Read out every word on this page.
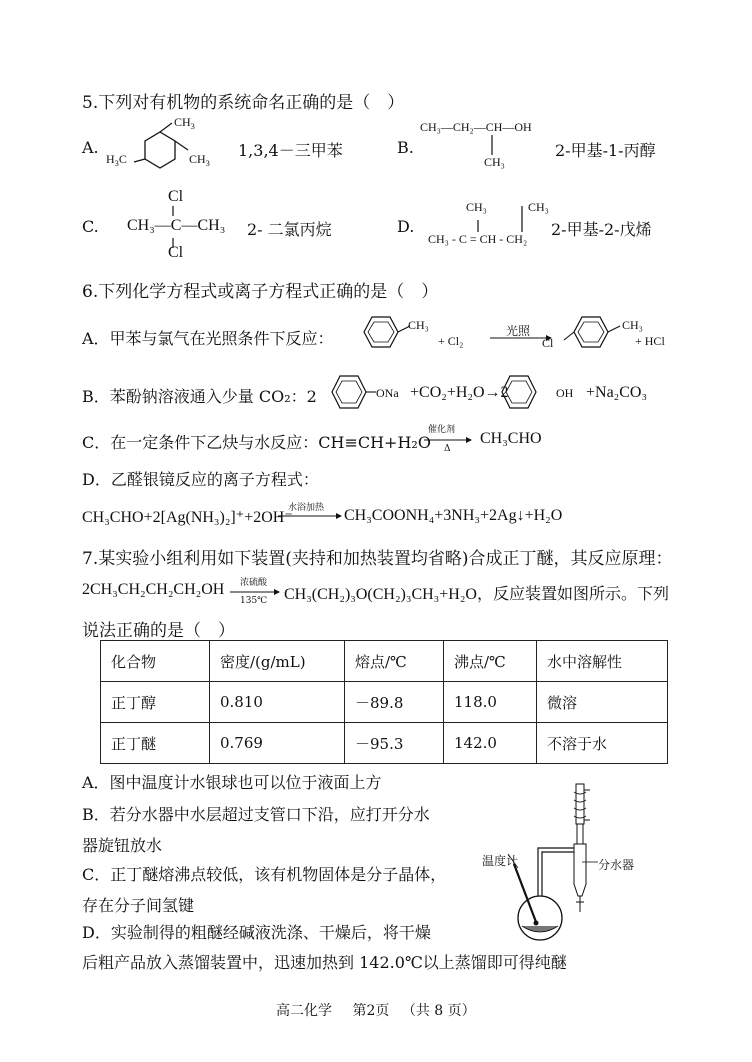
5.下列对有机物的系统命名正确的是（　）
A.
$CH_3$
$H_3C$	$CH_3$
1,3,4－三甲苯	B.
CH₃—CH₂—CH—OH
CH₃
2-甲基-1-丙醇
C.
Cl
CH₃—C—CH₃
Cl
2- 二氯丙烷	D.
CH₃	CH₃
CH₃ - C = CH - CH₂ 2-甲基-2-戊烯
6.下列化学方程式或离子方程式正确的是（　）
A．甲苯与氯气在光照条件下反应：
CH₃
+ Cl₂
光照
Cl
CH₃
+ HCl
B．苯酚钠溶液通入少量 CO₂：2	ONa +CO₂+H₂O→2	OH +Na₂CO₃
C．在一定条件下乙炔与水反应：CH≡CH+H₂O
催化剂
Δ
CH₃CHO
D．乙醛银镜反应的离子方程式：
CH₃CHO+2[Ag(NH₃)₂]⁺+2OH⁻
水浴加热 CH₃COONH₄+3NH₃+2Ag↓+H₂O
7.某实验小组利用如下装置(夹持和加热装置均省略)合成正丁醚，其反应原理：
2CH₃CH₂CH₂CH₂OH 浓硫酸
135℃ CH₃(CH₂)₃O(CH₂)₃CH₃+H₂O，反应装置如图所示。下列
说法正确的是（　）
化合物	密度/(g/mL)	熔点/℃	沸点/℃	水中溶解性
正丁醇	0.810	－89.8	118.0	微溶
正丁醚	0.769	－95.3	142.0	不溶于水
A．图中温度计水银球也可以位于液面上方
B．若分水器中水层超过支管口下沿，应打开分水
器旋钮放水
C．正丁醚熔沸点较低，该有机物固体是分子晶体，
存在分子间氢键
D．实验制得的粗醚经碱液洗涤、干燥后，将干燥
后粗产品放入蒸馏装置中，迅速加热到 142.0℃以上蒸馏即可得纯醚
温度计	分水器
高二化学 第2页 （共 8 页）
